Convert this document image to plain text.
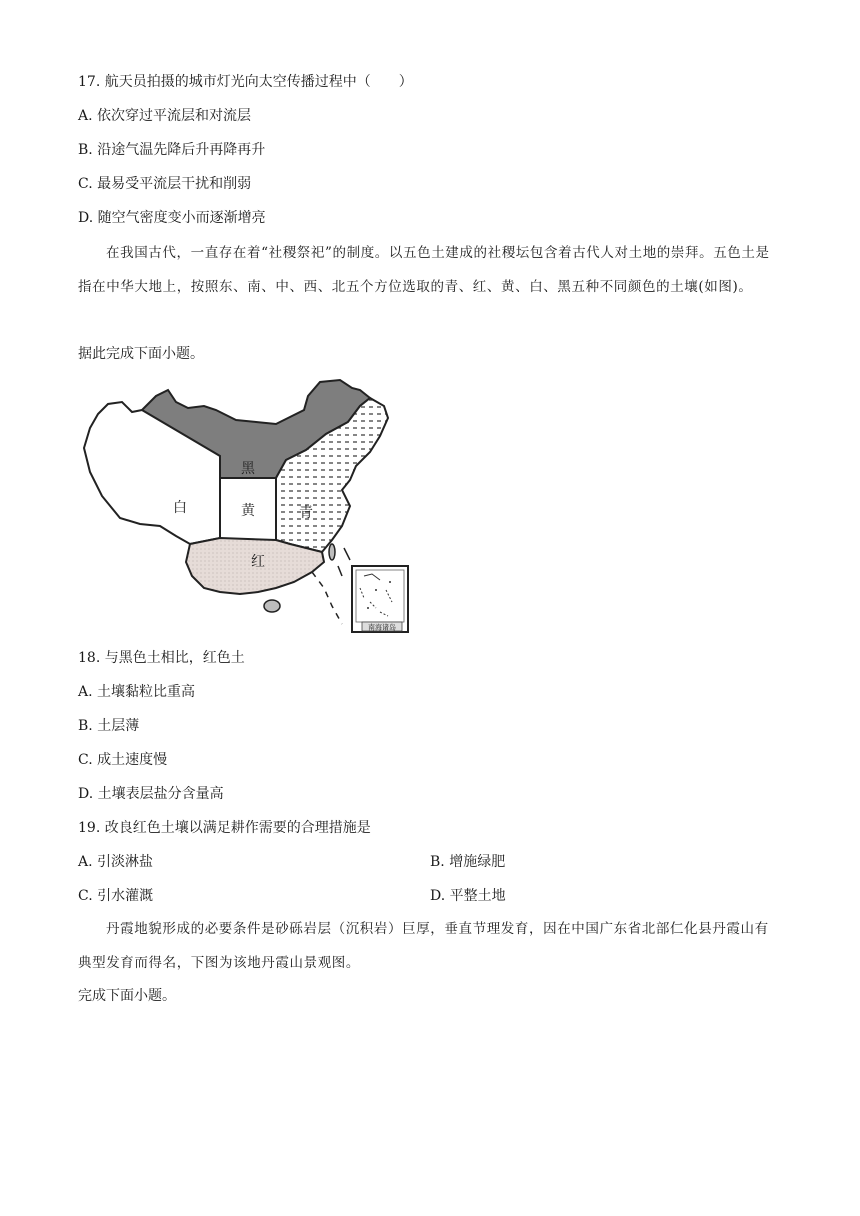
17. 航天员拍摄的城市灯光向太空传播过程中（　　）
A. 依次穿过平流层和对流层
B. 沿途气温先降后升再降再升
C. 最易受平流层干扰和削弱
D. 随空气密度变小而逐渐增亮
在我国古代，一直存在着“社稷祭祀”的制度。以五色土建成的社稷坛包含着古代人对土地的崇拜。五色土是指在中华大地上，按照东、南、中、西、北五个方位选取的青、红、黄、白、黑五种不同颜色的土壤(如图)。
据此完成下面小题。
南海诸岛
黑
黄	青
白
红
18. 与黑色土相比，红色土
A. 土壤黏粒比重高
B. 土层薄
C. 成土速度慢
D. 土壤表层盐分含量高
19. 改良红色土壤以满足耕作需要的合理措施是
A. 引淡淋盐	B. 增施绿肥
C. 引水灌溉	D. 平整土地
丹霞地貌形成的必要条件是砂砾岩层（沉积岩）巨厚，垂直节理发育，因在中国广东省北部仁化县丹霞山有典型发育而得名，下图为该地丹霞山景观图。
完成下面小题。
